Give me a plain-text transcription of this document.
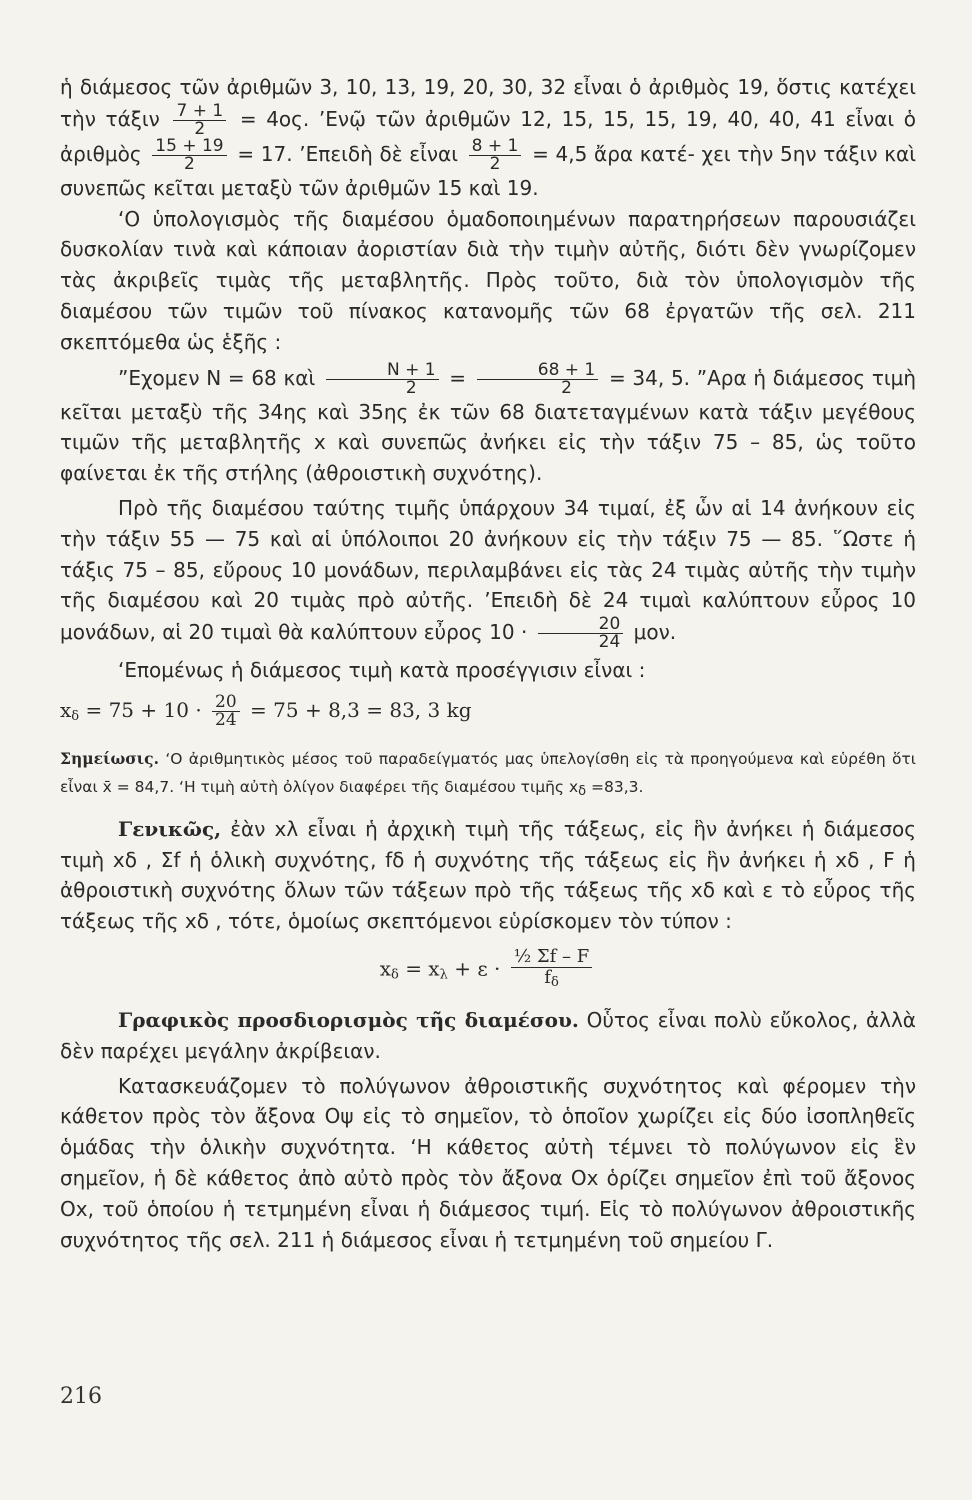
ἡ διάμεσος τῶν ἀριθμῶν 3, 10, 13, 19, 20, 30, 32 εἶναι ὁ ἀριθμὸς 19, ὅστις κατέχει τὴν τάξιν $\frac{7 + 1}{2} = 4o\varsigma$. ’Ενῷ τῶν ἀριθμῶν 12, 15, 15, 15, 19, 40, 40, 41 εἶναι ὁ ἀριθμὸς $\frac{15 + 19}{2} = 17$. ’Επειδὴ δὲ εἶναι $\frac{8 + 1}{2} = 4,5$ ἄρα κατέ- χει τὴν 5ην τάξιν καὶ συνεπῶς κεῖται μεταξὺ τῶν ἀριθμῶν 15 καὶ 19.

‘Ο ὑπολογισμὸς τῆς διαμέσου ὁμαδοποιημένων παρατηρήσεων παρουσιάζει δυσκολίαν τινὰ καὶ κάποιαν ἀοριστίαν διὰ τὴν τιμὴν αὐτῆς, διότι δὲν γνωρίζομεν τὰς ἀκριβεῖς τιμὰς τῆς μεταβλητῆς. Πρὸς τοῦτο, διὰ τὸν ὑπολογισμὸν τῆς διαμέσου τῶν τιμῶν τοῦ πίνακος κατανομῆς τῶν 68 ἐργατῶν τῆς σελ. 211 σκεπτόμεθα ὡς ἑξῆς :

”Εχομεν N = 68 καὶ $\frac{N + 1}{2} = \frac{68 + 1}{2} = 34$, 5. ”Αρα ἡ διάμεσος τιμὴ κεῖται μεταξὺ τῆς 34ης καὶ 35ης ἐκ τῶν 68 διατεταγμένων κατὰ τάξιν μεγέθους τιμῶν τῆς μεταβλητῆς x καὶ συνεπῶς ἀνήκει εἰς τὴν τάξιν 75 – 85, ὡς τοῦτο φαίνεται ἐκ τῆς στήλης (ἀθροιστικὴ συχνότης).

Πρὸ τῆς διαμέσου ταύτης τιμῆς ὑπάρχουν 34 τιμαί, ἐξ ὧν αἱ 14 ἀνήκουν εἰς τὴν τάξιν 55 — 75 καὶ αἱ ὑπόλοιποι 20 ἀνήκουν εἰς τὴν τάξιν 75 — 85. ῞Ωστε ἡ τάξις 75 – 85, εὔρους 10 μονάδων, περιλαμβάνει εἰς τὰς 24 τιμὰς αὐτῆς τὴν τιμὴν τῆς διαμέσου καὶ 20 τιμὰς πρὸ αὐτῆς. ’Επειδὴ δὲ 24 τιμαὶ καλύπτουν εὖρος 10 μονάδων, αἱ 20 τιμαὶ θὰ καλύπτουν εὖρος $10 \cdot \frac{20}{24} \mu o\nu$.

‘Επομένως ἡ διάμεσος τιμὴ κατὰ προσέγγισιν εἶναι :

$x_\delta = 75 + 10 \cdot \frac{20}{24} = 75 + 8,3 = 83$, 3 kg

Σημείωσις. ‘Ο ἀριθμητικὸς μέσος τοῦ παραδείγματός μας ὑπελογίσθη εἰς τὰ προηγούμενα καὶ εὑρέθη ὅτι εἶναι x̄ = 84,7. ‘Η τιμὴ αὐτὴ ὀλίγον διαφέρει τῆς διαμέσου τιμῆς $x_\delta =83,3$.

Γενικῶς, ἐὰν xλ εἶναι ἡ ἀρχικὴ τιμὴ τῆς τάξεως, εἰς ἣν ἀνήκει ἡ διάμεσος τιμὴ xδ , Σf ἡ ὁλικὴ συχνότης, fδ ἡ συχνότης τῆς τάξεως εἰς ἣν ἀνήκει ἡ xδ , F ἡ ἀθροιστικὴ συχνότης ὅλων τῶν τάξεων πρὸ τῆς τάξεως τῆς xδ καὶ ε τὸ εὖρος τῆς τάξεως τῆς xδ , τότε, ὁμοίως σκεπτόμενοι εὑρίσκομεν τὸν τύπον :

$x_\delta = x_\lambda + \varepsilon \cdot \frac{\text{½ Σf – F}}{f_\delta}$

Γραφικὸς προσδιορισμὸς τῆς διαμέσου. Οὗτος εἶναι πολὺ εὔκολος, ἀλλὰ δὲν παρέχει μεγάλην ἀκρίβειαν.

Κατασκευάζομεν τὸ πολύγωνον ἀθροιστικῆς συχνότητος καὶ φέρομεν τὴν κάθετον πρὸς τὸν ἄξονα Oψ εἰς τὸ σημεῖον, τὸ ὁποῖον χωρίζει εἰς δύο ἰσοπληθεῖς ὁμάδας τὴν ὁλικὴν συχνότητα. ‘Η κάθετος αὐτὴ τέμνει τὸ πολύγωνον εἰς ἓν σημεῖον, ἡ δὲ κάθετος ἀπὸ αὐτὸ πρὸς τὸν ἄξονα Ox ὁρίζει σημεῖον ἐπὶ τοῦ ἄξονος Ox, τοῦ ὁποίου ἡ τετμημένη εἶναι ἡ διάμεσος τιμή. Εἰς τὸ πολύγωνον ἀθροιστικῆς συχνότητος τῆς σελ. 211 ἡ διάμεσος εἶναι ἡ τετμημένη τοῦ σημείου Γ.

216
